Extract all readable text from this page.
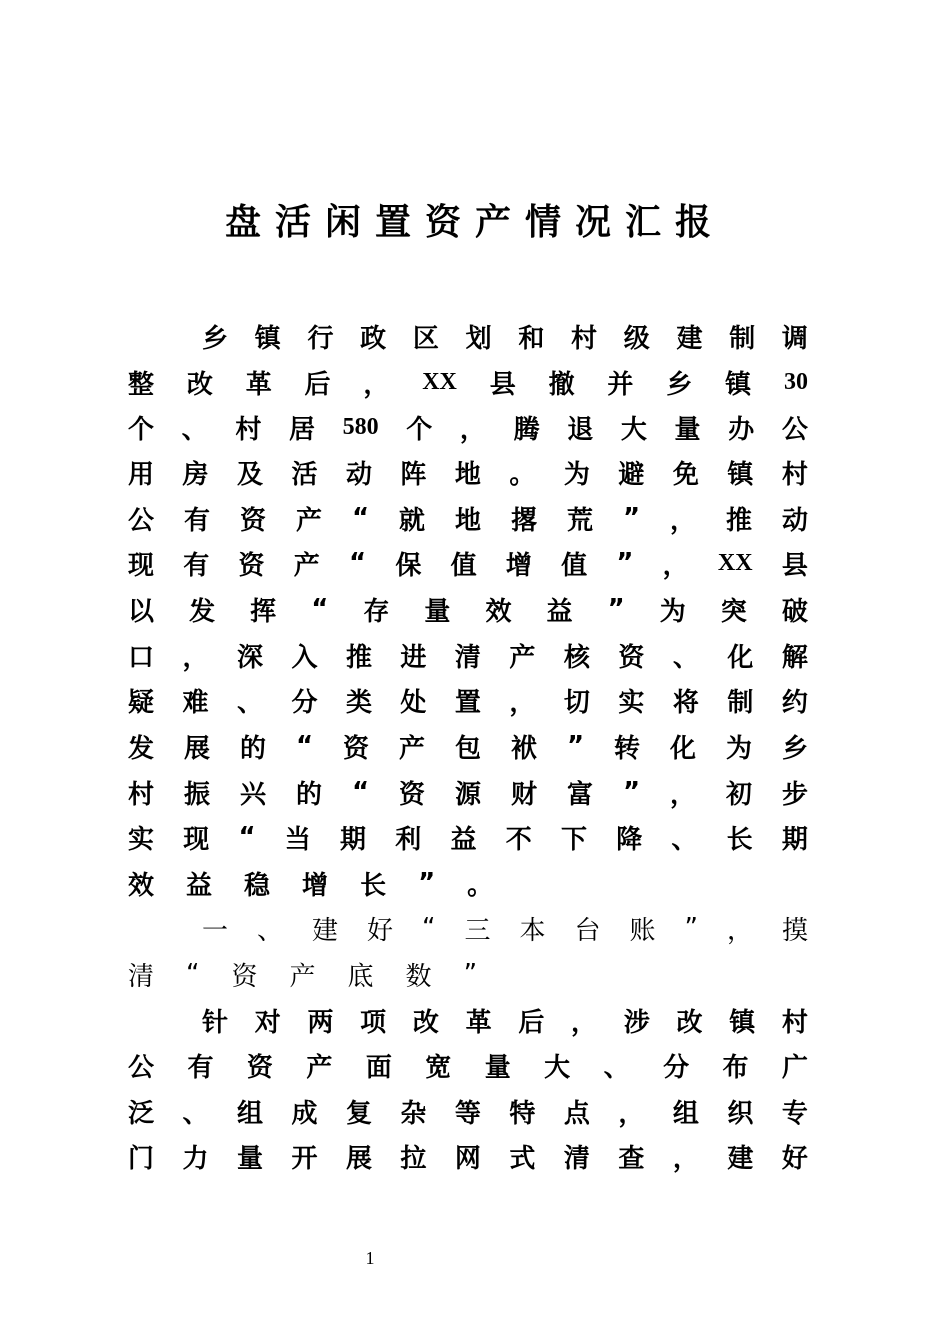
盘活闲置资产情况汇报
乡 镇 行 政 区 划 和 村 级 建 制 调
整 改 革 后 ， XX 县 撤 并 乡 镇 30
个 、 村 居 580 个 ， 腾 退 大 量 办 公
用 房 及 活 动 阵 地 。 为 避 免 镇 村
公 有 资 产 “ 就 地 撂 荒 ” ， 推 动
现 有 资 产 “ 保 值 增 值 ” ， XX 县
以 发 挥 “ 存 量 效 益 ” 为 突 破
口 ， 深 入 推 进 清 产 核 资 、 化 解
疑 难 、 分 类 处 置 ， 切 实 将 制 约
发 展 的 “ 资 产 包 袱 ” 转 化 为 乡
村 振 兴 的 “ 资 源 财 富 ” ， 初 步
实 现 “ 当 期 利 益 不 下 降 、 长 期
效 益 稳 增 长 ” 。
一 、 建 好 “ 三 本 台 账 ” ， 摸
清 “ 资 产 底 数 ”
针 对 两 项 改 革 后 ， 涉 改 镇 村
公 有 资 产 面 宽 量 大 、 分 布 广
泛 、 组 成 复 杂 等 特 点 ， 组 织 专
门 力 量 开 展 拉 网 式 清 查 ， 建 好
1
